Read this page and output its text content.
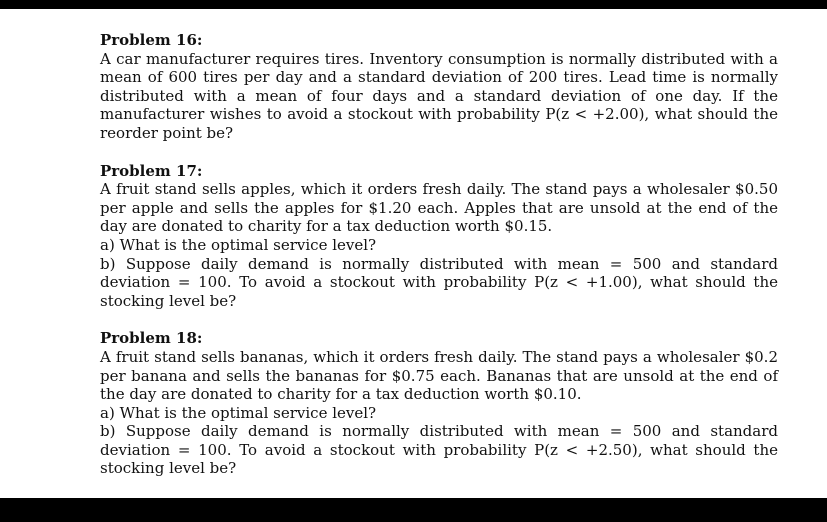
Problem 16:

A car manufacturer requires tires. Inventory consumption is normally distributed with a mean of 600 tires per day and a standard deviation of 200 tires. Lead time is normally distributed with a mean of four days and a standard deviation of one day. If the manufacturer wishes to avoid a stockout with probability P(z < +2.00), what should the reorder point be?

Problem 17:

A fruit stand sells apples, which it orders fresh daily. The stand pays a wholesaler $0.50 per apple and sells the apples for $1.20 each. Apples that are unsold at the end of the day are donated to charity for a tax deduction worth $0.15.

a) What is the optimal service level?

b) Suppose daily demand is normally distributed with mean = 500 and standard deviation = 100. To avoid a stockout with probability P(z < +1.00), what should the stocking level be?

Problem 18:

A fruit stand sells bananas, which it orders fresh daily. The stand pays a wholesaler $0.2 per banana and sells the bananas for $0.75 each. Bananas that are unsold at the end of the day are donated to charity for a tax deduction worth $0.10.

a) What is the optimal service level?

b) Suppose daily demand is normally distributed with mean = 500 and standard deviation = 100. To avoid a stockout with probability P(z < +2.50), what should the stocking level be?
